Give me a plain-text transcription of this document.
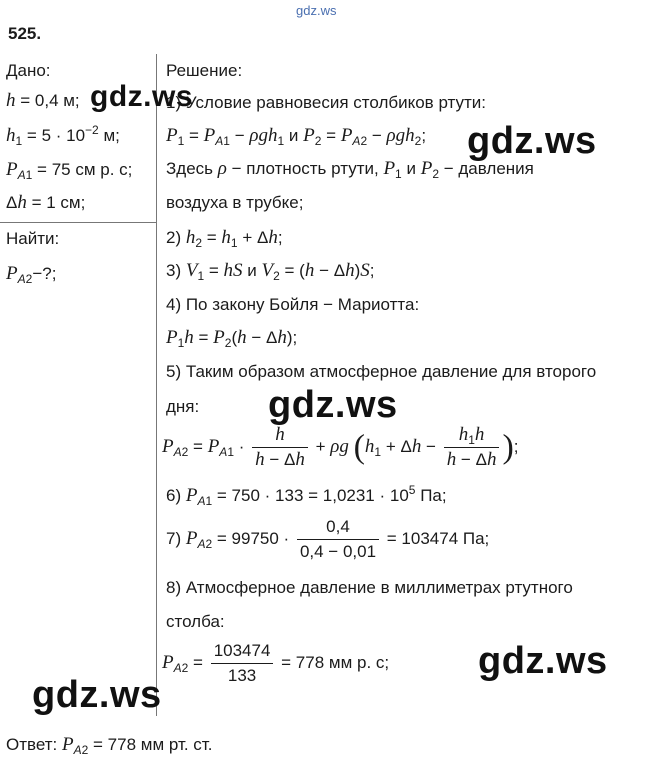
gdz.ws
525.
Дано:
h = 0,4 м;
$h_1 = 5 \cdot 10^{-2}$ м;
$P_{A1} = 75$ см р. с;
Δh = 1 см;
Найти:
$P_{A2}-$?;
Решение:
1) Условие равновесия столбиков ртути:
$P_1 = P_{A1} - \rho gh_1$ и $P_2 = P_{A2} - \rho gh_2$;
Здесь ρ − плотность ртути, $P_1$ и $P_2$ − давления
воздуха в трубке;
2) $h_2 = h_1 + \Delta h$;
3) $V_1$ = hS и $V_2 = (h - \Delta h)S$;
4) По закону Бойля − Мариотта:
$P_1h = P_2(h - \Delta h)$;
5) Таким образом атмосферное давление для второго
дня:
$P_{A2} = P_{A1} \cdot \frac{h}{h - \Delta h} + \rho g$ ($h_1 + \Delta h - \frac{h_1h}{h - \Delta h}$ );
6) $P_{A1} = 750 \cdot 133 = 1,0231 \cdot 10^5$ Па;
7) $P_{A2} = 99750 \cdot \frac{0,4}{0,4 - 0,01} = 103474$ Па;
8) Атмосферное давление в миллиметрах ртутного
столба:
$P_{A2} = \frac{103474}{133} = 778$ мм р. с;
Ответ: $P_{A2} = 778$ мм рт. ст.
gdz.ws
gdz.ws
gdz.ws
gdz.ws
gdz.ws
